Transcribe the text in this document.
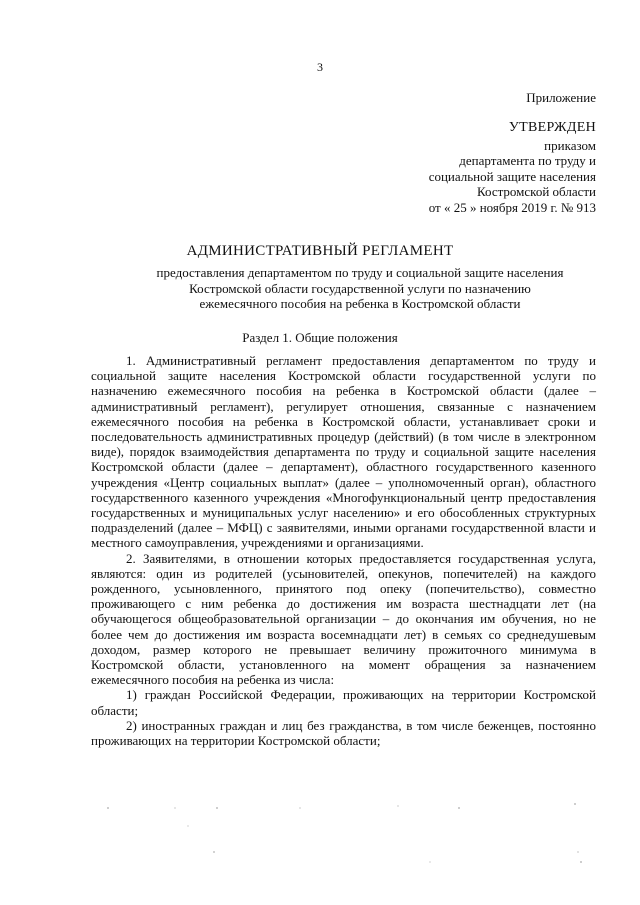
3
Приложение
УТВЕРЖДЕН
приказом
департамента по труду и
социальной защите населения
Костромской области
от « 25 » ноября 2019 г. № 913
АДМИНИСТРАТИВНЫЙ РЕГЛАМЕНТ
предоставления департаментом по труду и социальной защите населения Костромской области государственной услуги по назначению ежемесячного пособия на ребенка в Костромской области
Раздел 1. Общие положения

1. Административный регламент предоставления департаментом по труду и социальной защите населения Костромской области государственной услуги по назначению ежемесячного пособия на ребенка в Костромской области (далее – административный регламент), регулирует отношения, связанные с назначением ежемесячного пособия на ребенка в Костромской области, устанавливает сроки и последовательность административных процедур (действий) (в том числе в электронном виде), порядок взаимодействия департамента по труду и социальной защите населения Костромской области (далее – департамент), областного государственного казенного учреждения «Центр социальных выплат» (далее – уполномоченный орган), областного государственного казенного учреждения «Многофункциональный центр предоставления государственных и муниципальных услуг населению» и его обособленных структурных подразделений (далее – МФЦ) с заявителями, иными органами государственной власти и местного самоуправления, учреждениями и организациями.

2. Заявителями, в отношении которых предоставляется государственная услуга, являются: один из родителей (усыновителей, опекунов, попечителей) на каждого рожденного, усыновленного, принятого под опеку (попечительство), совместно проживающего с ним ребенка до достижения им возраста шестнадцати лет (на обучающегося общеобразовательной организации – до окончания им обучения, но не более чем до достижения им возраста восемнадцати лет) в семьях со среднедушевым доходом, размер которого не превышает величину прожиточного минимума в Костромской области, установленного на момент обращения за назначением ежемесячного пособия на ребенка из числа:

1) граждан Российской Федерации, проживающих на территории Костромской области;

2) иностранных граждан и лиц без гражданства, в том числе беженцев, постоянно проживающих на территории Костромской области;
